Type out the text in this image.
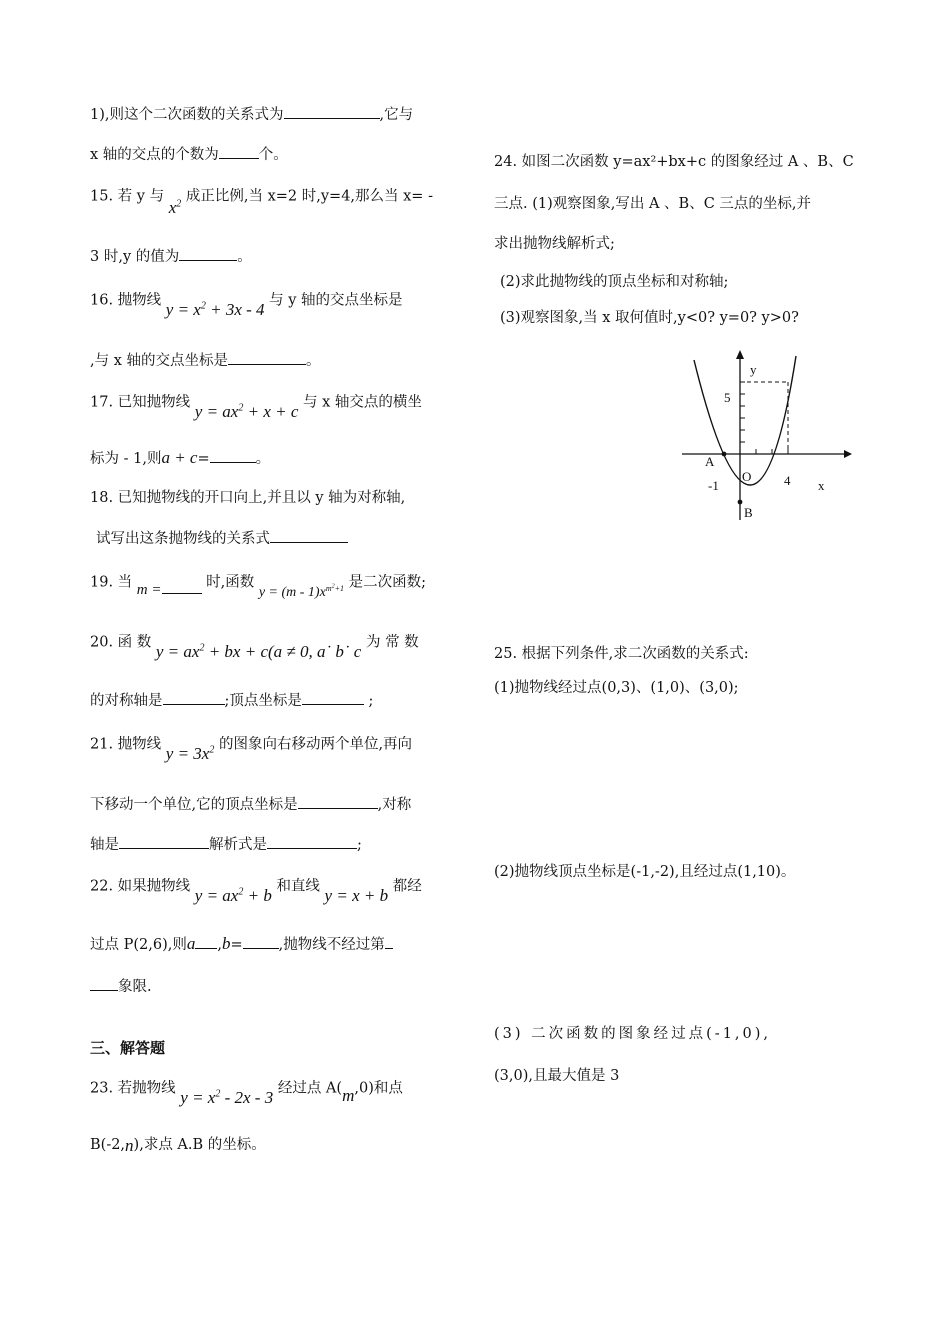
1),则这个二次函数的关系式为	,它与
x 轴的交点的个数为	个。
15. 若 y 与 $x^2$ 成正比例,当 x=2 时,y=4,那么当 x= -
3 时,y 的值为	。
16. 抛物线 $y = x^2 + 3x - 4$ 与 y 轴的交点坐标是
,与 x 轴的交点坐标是	。
17. 已知抛物线 $y = ax^2 + x + c$ 与 x 轴交点的横坐
标为 - 1,则a + c=	。
18. 已知抛物线的开口向上,并且以 y 轴为对称轴,
试写出这条抛物线的关系式
19. 当 m =	时,函数 $y = (m - 1)x^{m^2+1}$ 是二次函数;
20. 函 数 $y = ax^2$ + bx + c(a ≠ 0, a˙ b˙ c 为 常 数
的对称轴是	;顶点坐标是	;
21. 抛物线 $y = 3x^2$ 的图象向右移动两个单位,再向
下移动一个单位,它的顶点坐标是	,对称
轴是	解析式是	;
22. 如果抛物线 $y = ax^2 + b$ 和直线 y = x + b 都经
过点 P(2,6),则a ,b= ,抛物线不经过第
象限.
三、解答题
23. 若抛物线 $y = x^2 - 2x - 3$ 经过点 A(m,0)和点
B(-2,n),求点 A.B 的坐标。
24. 如图二次函数 y=ax²+bx+c 的图象经过 A 、B、C
三点. (1)观察图象,写出 A 、B、C 三点的坐标,并
求出抛物线解析式;
(2)求此抛物线的顶点坐标和对称轴;
(3)观察图象,当 x 取何值时,y<0? y=0? y>0?
y
x
5
-1	4
O
A
B
25. 根据下列条件,求二次函数的关系式:
(1)抛物线经过点(0,3)、(1,0)、(3,0);
(2)抛物线顶点坐标是(-1,-2),且经过点(1,10)。
(3) 二次函数的图象经过点(-1,0),
(3,0),且最大值是 3
